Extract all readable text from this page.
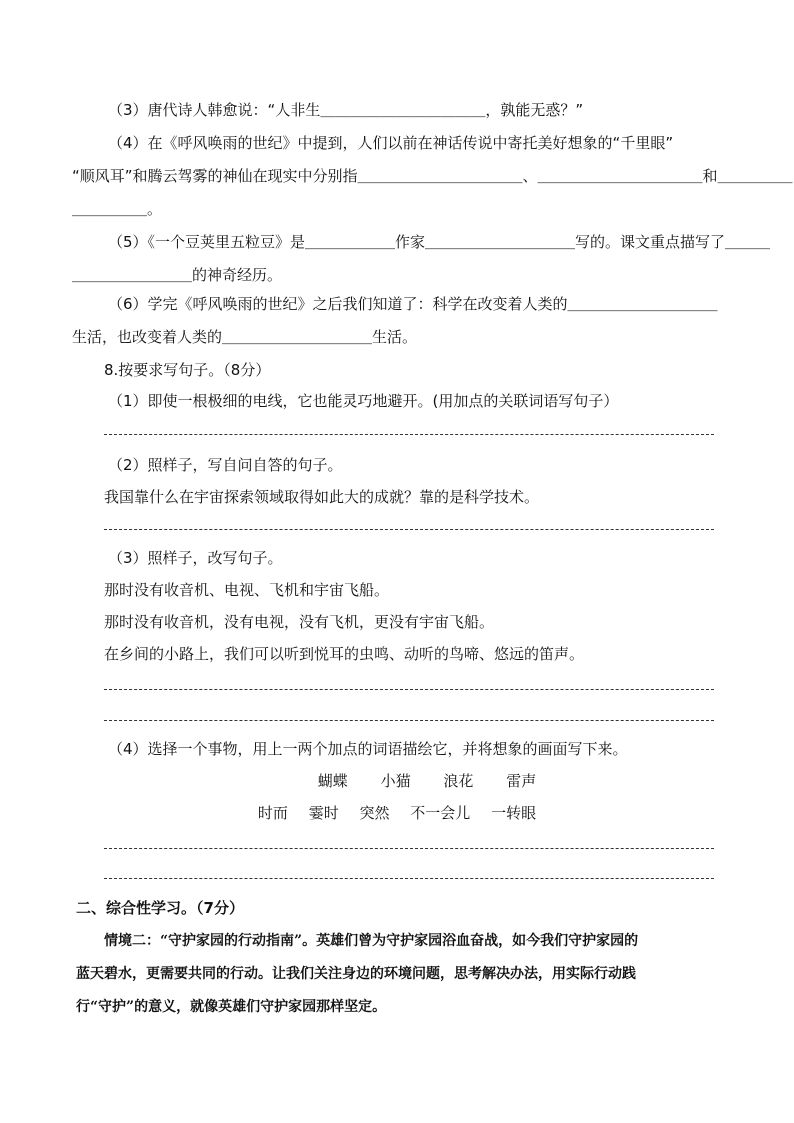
（3）唐代诗人韩愈说：“人非生＿＿＿＿＿＿＿＿＿＿＿，孰能无惑？”
（4）在《呼风唤雨的世纪》中提到，人们以前在神话传说中寄托美好想象的“千里眼”
“顺风耳”和腾云驾雾的神仙在现实中分别指＿＿＿＿＿＿＿＿＿＿＿、＿＿＿＿＿＿＿＿＿＿＿和＿＿＿＿＿
＿＿＿＿＿。
（5）《一个豆荚里五粒豆》是＿＿＿＿＿＿作家＿＿＿＿＿＿＿＿＿＿写的。课文重点描写了＿＿＿
＿＿＿＿＿＿＿＿的神奇经历。
（6）学完《呼风唤雨的世纪》之后我们知道了：科学在改变着人类的＿＿＿＿＿＿＿＿＿＿
生活，也改变着人类的＿＿＿＿＿＿＿＿＿＿生活。
8.按要求写句子。（8分）
（1）即使一根极细的电线，它也能灵巧地避开。(用加点的关联词语写句子）
（2）照样子，写自问自答的句子。
我国靠什么在宇宙探索领域取得如此大的成就？靠的是科学技术。
（3）照样子，改写句子。
那时没有收音机、电视、飞机和宇宙飞船。
那时没有收音机，没有电视，没有飞机，更没有宇宙飞船。
在乡间的小路上，我们可以听到悦耳的虫鸣、动听的鸟啼、悠远的笛声。
（4）选择一个事物，用上一两个加点的词语描绘它，并将想象的画面写下来。
蝴蝶 小猫 浪花 雷声
时而 霎时 突然 不一会儿 一转眼
二、综合性学习。（7分）
情境二：“守护家园的行动指南”。英雄们曾为守护家园浴血奋战，如今我们守护家园的
蓝天碧水，更需要共同的行动。让我们关注身边的环境问题，思考解决办法，用实际行动践
行“守护”的意义，就像英雄们守护家园那样坚定。
